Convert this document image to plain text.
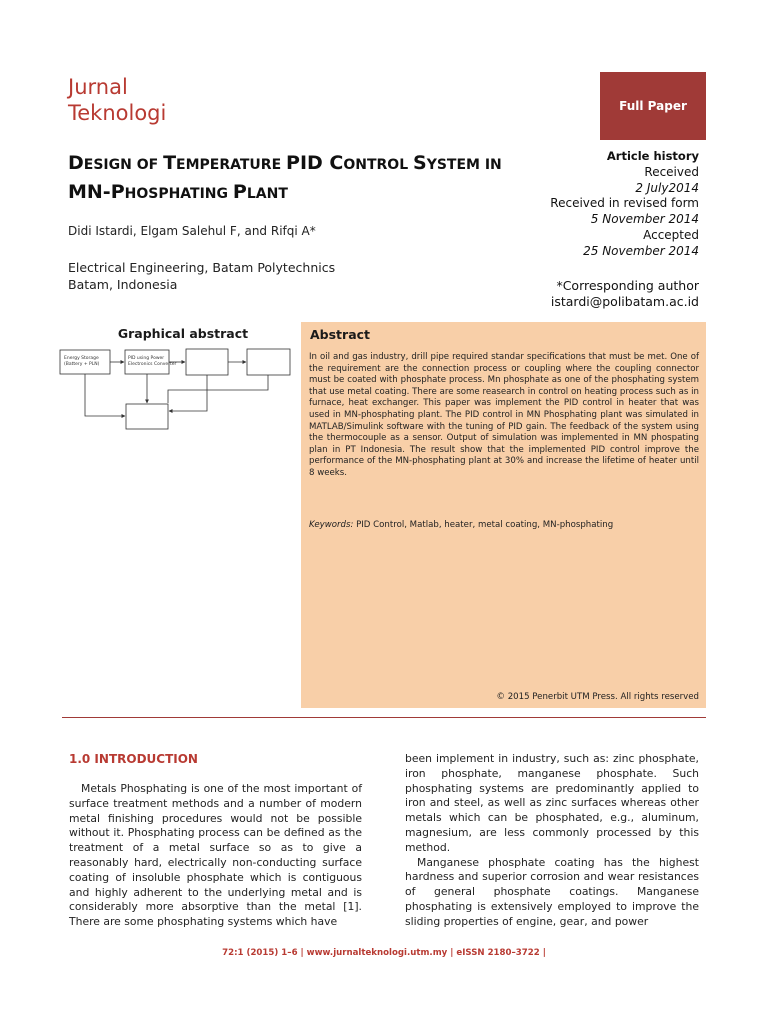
Jurnal
Teknologi	Full Paper
DESIGN OF TEMPERATURE PID CONTROL SYSTEM IN
MN-PHOSPHATING PLANT
Didi Istardi, Elgam Salehul F, and Rifqi A*
Electrical Engineering, Batam Polytechnics
Batam, Indonesia
Article history
Received
2 July2014
Received in revised form
5 November 2014
Accepted
25 November 2014
*Corresponding author
istardi@polibatam.ac.id
Graphical abstract
Energy Storage
(Battery + PLN)
PID using Power
Electronics Converter
Abstract
In oil and gas industry, drill pipe required standar specifications that must be met. One of the requirement are the connection process or coupling where the coupling connector must be coated with phosphate process. Mn phosphate as one of the phosphating system that use metal coating. There are some reasearch in control on heating process such as in furnace, heat exchanger. This paper was implement the PID control in heater that was used in MN-phosphating plant. The PID control in MN Phosphating plant was simulated in MATLAB/Simulink software with the tuning of PID gain. The feedback of the system using the thermocouple as a sensor. Output of simulation was implemented in MN phospating plan in PT Indonesia. The result show that the implemented PID control improve the performance of the MN-phosphating plant at 30% and increase the lifetime of heater until 8 weeks.
Keywords: PID Control, Matlab, heater, metal coating, MN-phosphating
© 2015 Penerbit UTM Press. All rights reserved
1.0 INTRODUCTION

Metals Phosphating is one of the most important of surface treatment methods and a number of modern metal finishing procedures would not be possible without it. Phosphating process can be defined as the treatment of a metal surface so as to give a reasonably hard, electrically non-conducting surface coating of insoluble phosphate which is contiguous and highly adherent to the underlying metal and is considerably more absorptive than the metal [1]. There are some phosphating systems which have

been implement in industry, such as: zinc phosphate, iron phosphate, manganese phosphate. Such phosphating systems are predominantly applied to iron and steel, as well as zinc surfaces whereas other metals which can be phosphated, e.g., aluminum, magnesium, are less commonly processed by this method.

Manganese phosphate coating has the highest hardness and superior corrosion and wear resistances of general phosphate coatings. Manganese phosphating is extensively employed to improve the sliding properties of engine, gear, and power

72:1 (2015) 1–6 | www.jurnalteknologi.utm.my | eISSN 2180–3722 |
